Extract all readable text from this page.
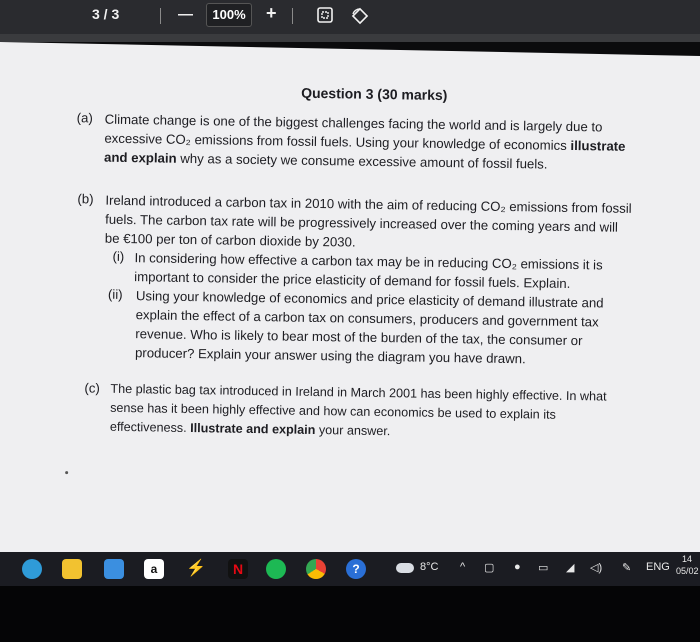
3 / 3	—	100%	+
Question 3 (30 marks)
(a) Climate change is one of the biggest challenges facing the world and is largely due to
excessive CO₂ emissions from fossil fuels. Using your knowledge of economics illustrate
and explain why as a society we consume excessive amount of fossil fuels.
(b) Ireland introduced a carbon tax in 2010 with the aim of reducing CO₂ emissions from fossil
fuels. The carbon tax rate will be progressively increased over the coming years and will
be €100 per ton of carbon dioxide by 2030.
(i) In considering how effective a carbon tax may be in reducing CO₂ emissions it is
important to consider the price elasticity of demand for fossil fuels. Explain.
(ii) Using your knowledge of economics and price elasticity of demand illustrate and
explain the effect of a carbon tax on consumers, producers and government tax
revenue. Who is likely to bear most of the burden of the tax, the consumer or
producer? Explain your answer using the diagram you have drawn.
(c) The plastic bag tax introduced in Ireland in March 2001 has been highly effective. In what
sense has it been highly effective and how can economics be used to explain its
effectiveness. Illustrate and explain your answer.
a	⚡	N	?	8°C ^ ▢ ● ▭ ◢ ◁) ✎ ENG
14
05/02
